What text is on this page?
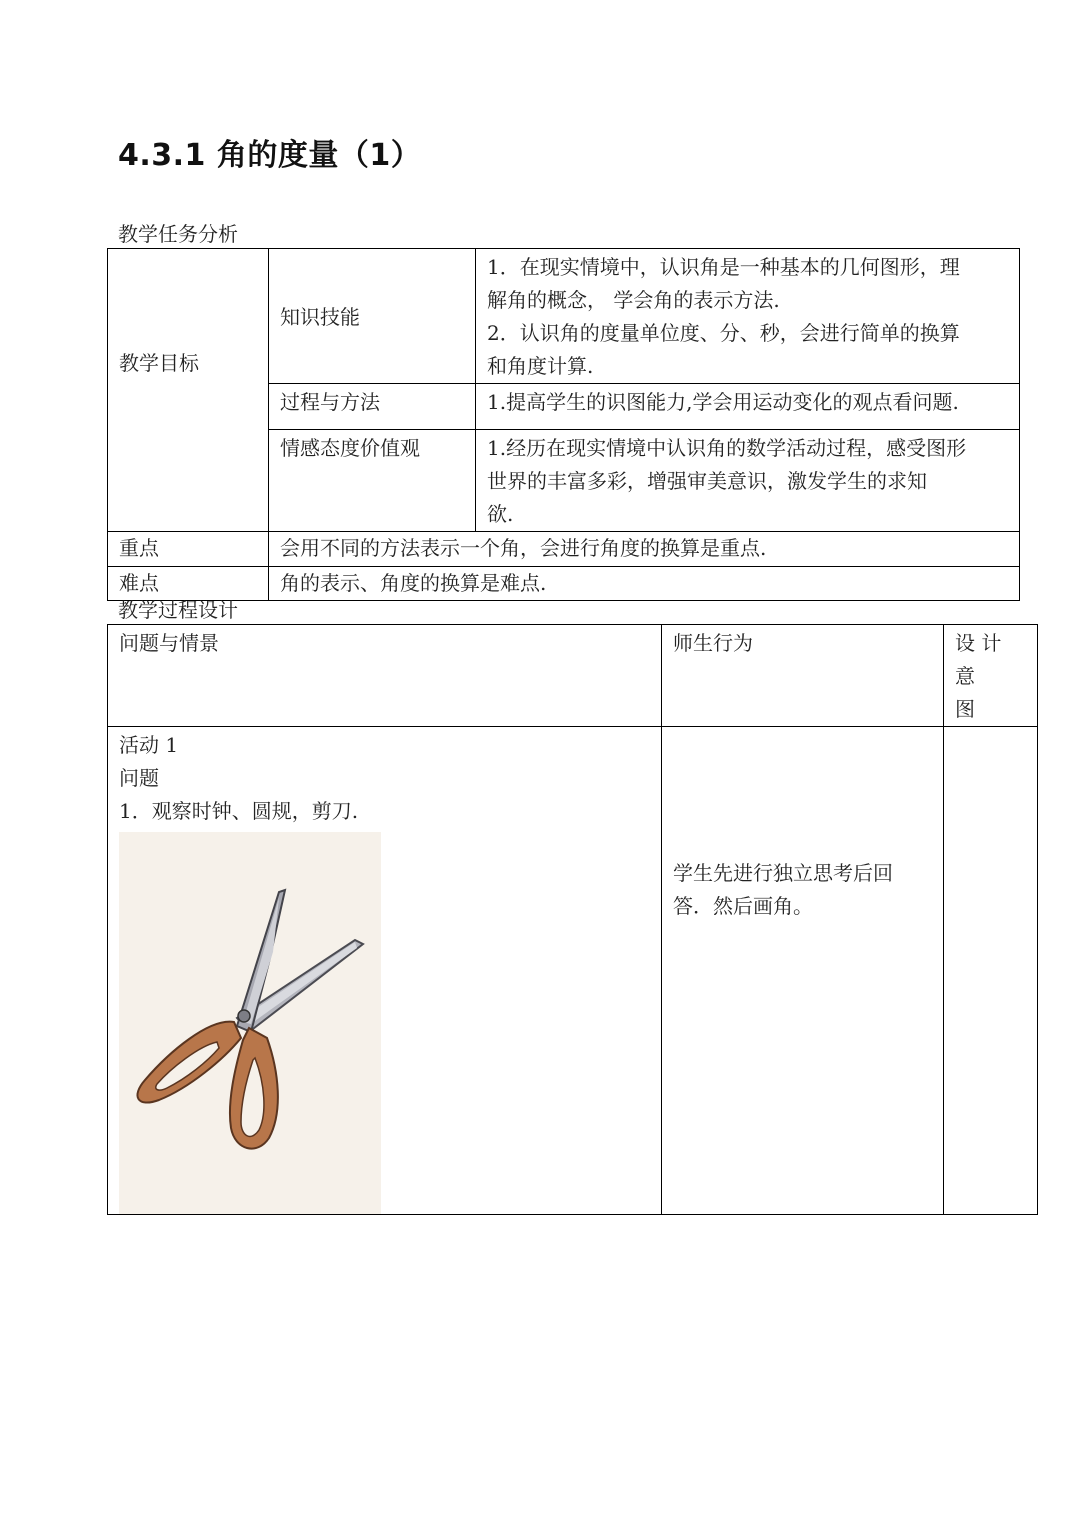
4.3.1 角的度量（1）
教学任务分析
教学目标	知识技能	1．在现实情境中，认识角是一种基本的几何图形，理
解角的概念， 学会角的表示方法.
2．认识角的度量单位度、分、秒，会进行简单的换算
和角度计算.

	过程与方法	1.提高学生的识图能力,学会用运动变化的观点看问题.
	情感态度价值观	1.经历在现实情境中认识角的数学活动过程，感受图形
世界的丰富多彩，增强审美意识，激发学生的求知
欲.

重点	会用不同的方法表示一个角，会进行角度的换算是重点.	
难点	角的表示、角度的换算是难点.	
教学过程设计
问题与情景	师生行为	设 计 意
图

活动 1
问题
1．观察时钟、圆规，剪刀.	学生先进行独立思考后回
答．然后画角。	
